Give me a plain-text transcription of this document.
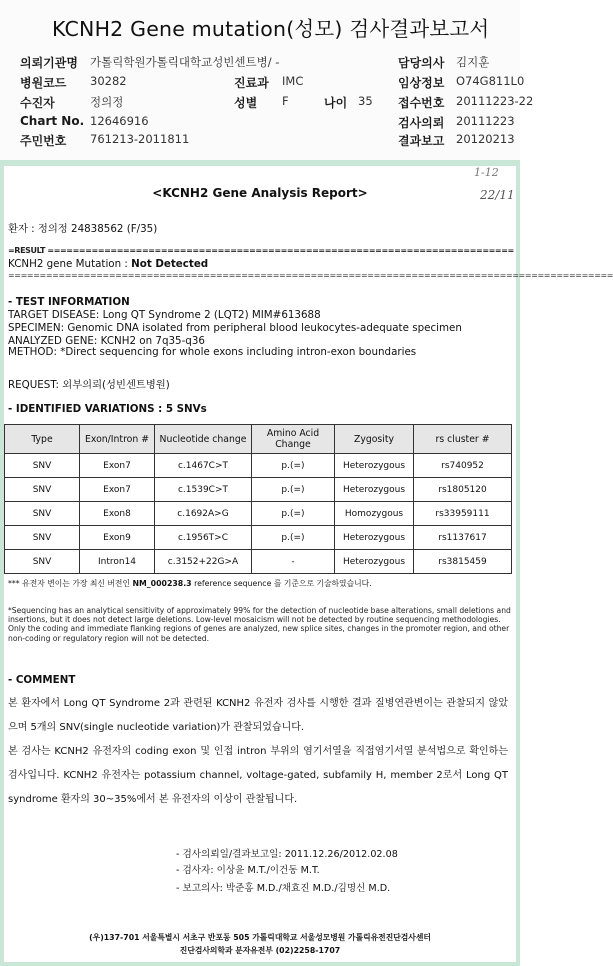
KCNH2 Gene mutation(성모) 검사결과보고서
의뢰기관명 가톨릭학원가톨릭대학교성빈센트병/ -	담당의사 김지훈
병원코드 30282	진료과 IMC	임상정보 O74G811L0
수진자	정의정	성별 F	나이 35 접수번호 20111223-22
Chart No. 12646916	검사의뢰 20111223
주민번호 761213-2011811	결과보고 20120213
1-12
22/11
<KCNH2 Gene Analysis Report>
환자 : 정의정 24838562 (F/35)
=RESULT ==========================================================================
KCNH2 gene Mutation : Not Detected
================================================================================================
- TEST INFORMATION
TARGET DISEASE: Long QT Syndrome 2 (LQT2) MIM#613688
SPECIMEN: Genomic DNA isolated from peripheral blood leukocytes-adequate specimen
ANALYZED GENE: KCNH2 on 7q35-q36
METHOD: *Direct sequencing for whole exons including intron-exon boundaries
REQUEST: 외부의뢰(성빈센트병원)
- IDENTIFIED VARIATIONS : 5 SNVs
Type	Exon/Intron #	Nucleotide change	Amino Acid Change	Zygosity	rs cluster #
SNV	Exon7	c.1467C>T	p.(=)	Heterozygous	rs740952
SNV	Exon7	c.1539C>T	p.(=)	Heterozygous	rs1805120
SNV	Exon8	c.1692A>G	p.(=)	Homozygous	rs33959111
SNV	Exon9	c.1956T>C	p.(=)	Heterozygous	rs1137617
SNV	Intron14	c.3152+22G>A	-	Heterozygous	rs3815459
*** 유전자 변이는 가장 최신 버전인 NM_000238.3 reference sequence 를 기준으로 기술하였습니다.
*Sequencing has an analytical sensitivity of approximately 99% for the detection of nucleotide base alterations, small deletions and insertions, but it does not detect large deletions. Low-level mosaicism will not be detected by routine sequencing methodologies. Only the coding and immediate flanking regions of genes are analyzed, new splice sites, changes in the promoter region, and other non-coding or regulatory region will not be detected.
- COMMENT
본 환자에서 Long QT Syndrome 2과 관련된 KCNH2 유전자 검사를 시행한 결과 질병연관변이는 관찰되지 않았으며 5개의 SNV(single nucleotide variation)가 관찰되었습니다.
본 검사는 KCNH2 유전자의 coding exon 및 인접 intron 부위의 염기서열을 직접염기서열 분석법으로 확인하는 검사입니다. KCNH2 유전자는 potassium channel, voltage-gated, subfamily H, member 2로서 Long QT syndrome 환자의 30~35%에서 본 유전자의 이상이 관찰됩니다.
- 검사의뢰일/결과보고일: 2011.12.26/2012.02.08
- 검사자: 이상윤 M.T./이건동 M.T.
- 보고의사: 박준홍 M.D./채효진 M.D./김명신 M.D.
(우)137-701 서울특별시 서초구 반포동 505 가톨릭대학교 서울성모병원 가톨릭유전진단검사센터
진단검사의학과 분자유전부 (02)2258-1707
